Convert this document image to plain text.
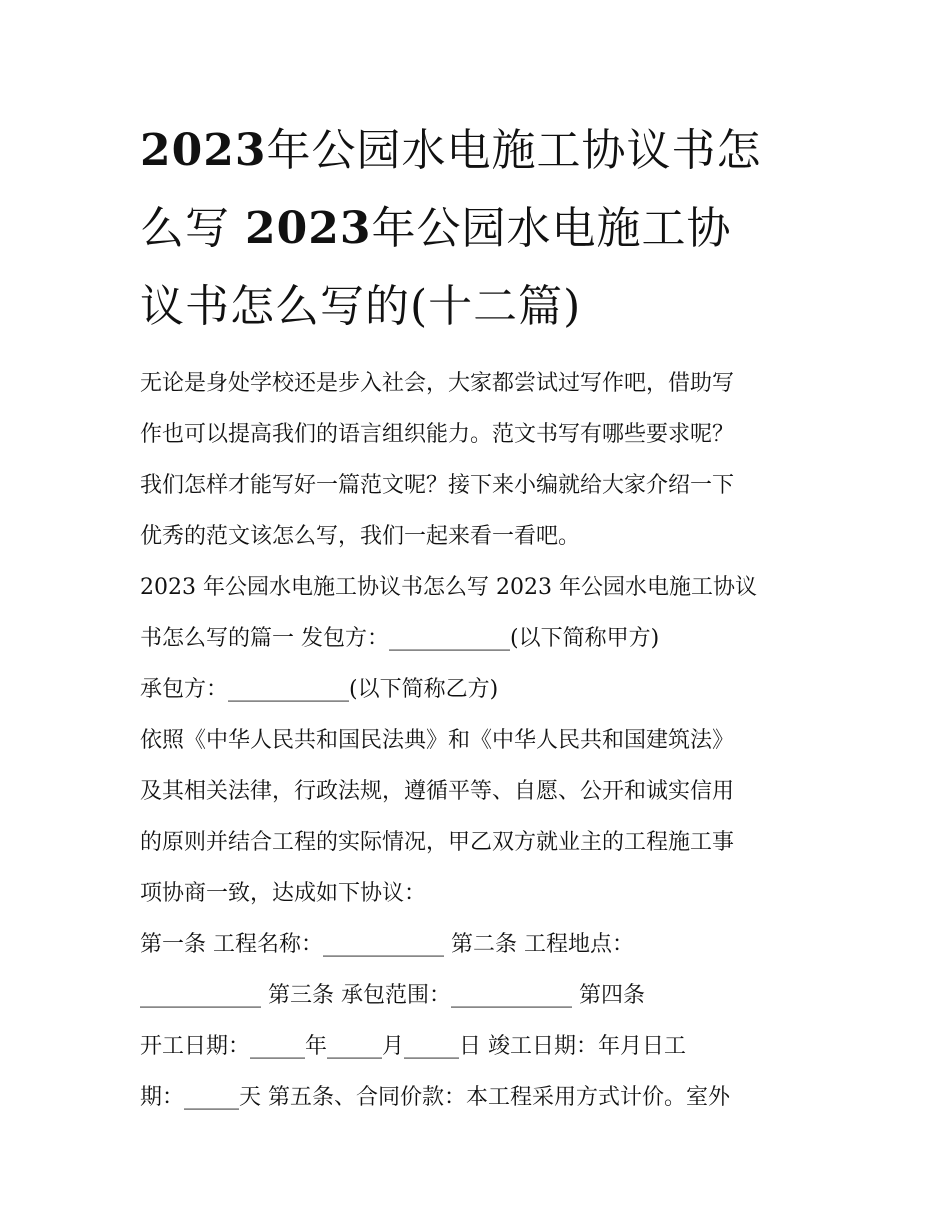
2023年公园水电施工协议书怎
么写 2023年公园水电施工协
议书怎么写的(十二篇)
无论是身处学校还是步入社会，大家都尝试过写作吧，借助写
作也可以提高我们的语言组织能力。范文书写有哪些要求呢？
我们怎样才能写好一篇范文呢？接下来小编就给大家介绍一下
优秀的范文该怎么写，我们一起来看一看吧。
2023 年公园水电施工协议书怎么写 2023 年公园水电施工协议
书怎么写的篇一 发包方：___________(以下简称甲方)
承包方：___________(以下简称乙方)
依照《中华人民共和国民法典》和《中华人民共和国建筑法》
及其相关法律，行政法规，遵循平等、自愿、公开和诚实信用
的原则并结合工程的实际情况，甲乙双方就业主的工程施工事
项协商一致，达成如下协议：
第一条 工程名称：___________ 第二条 工程地点：
___________ 第三条 承包范围：___________ 第四条
开工日期：_____年_____月_____日 竣工日期：年月日工
期：_____天 第五条、合同价款：本工程采用方式计价。室外
